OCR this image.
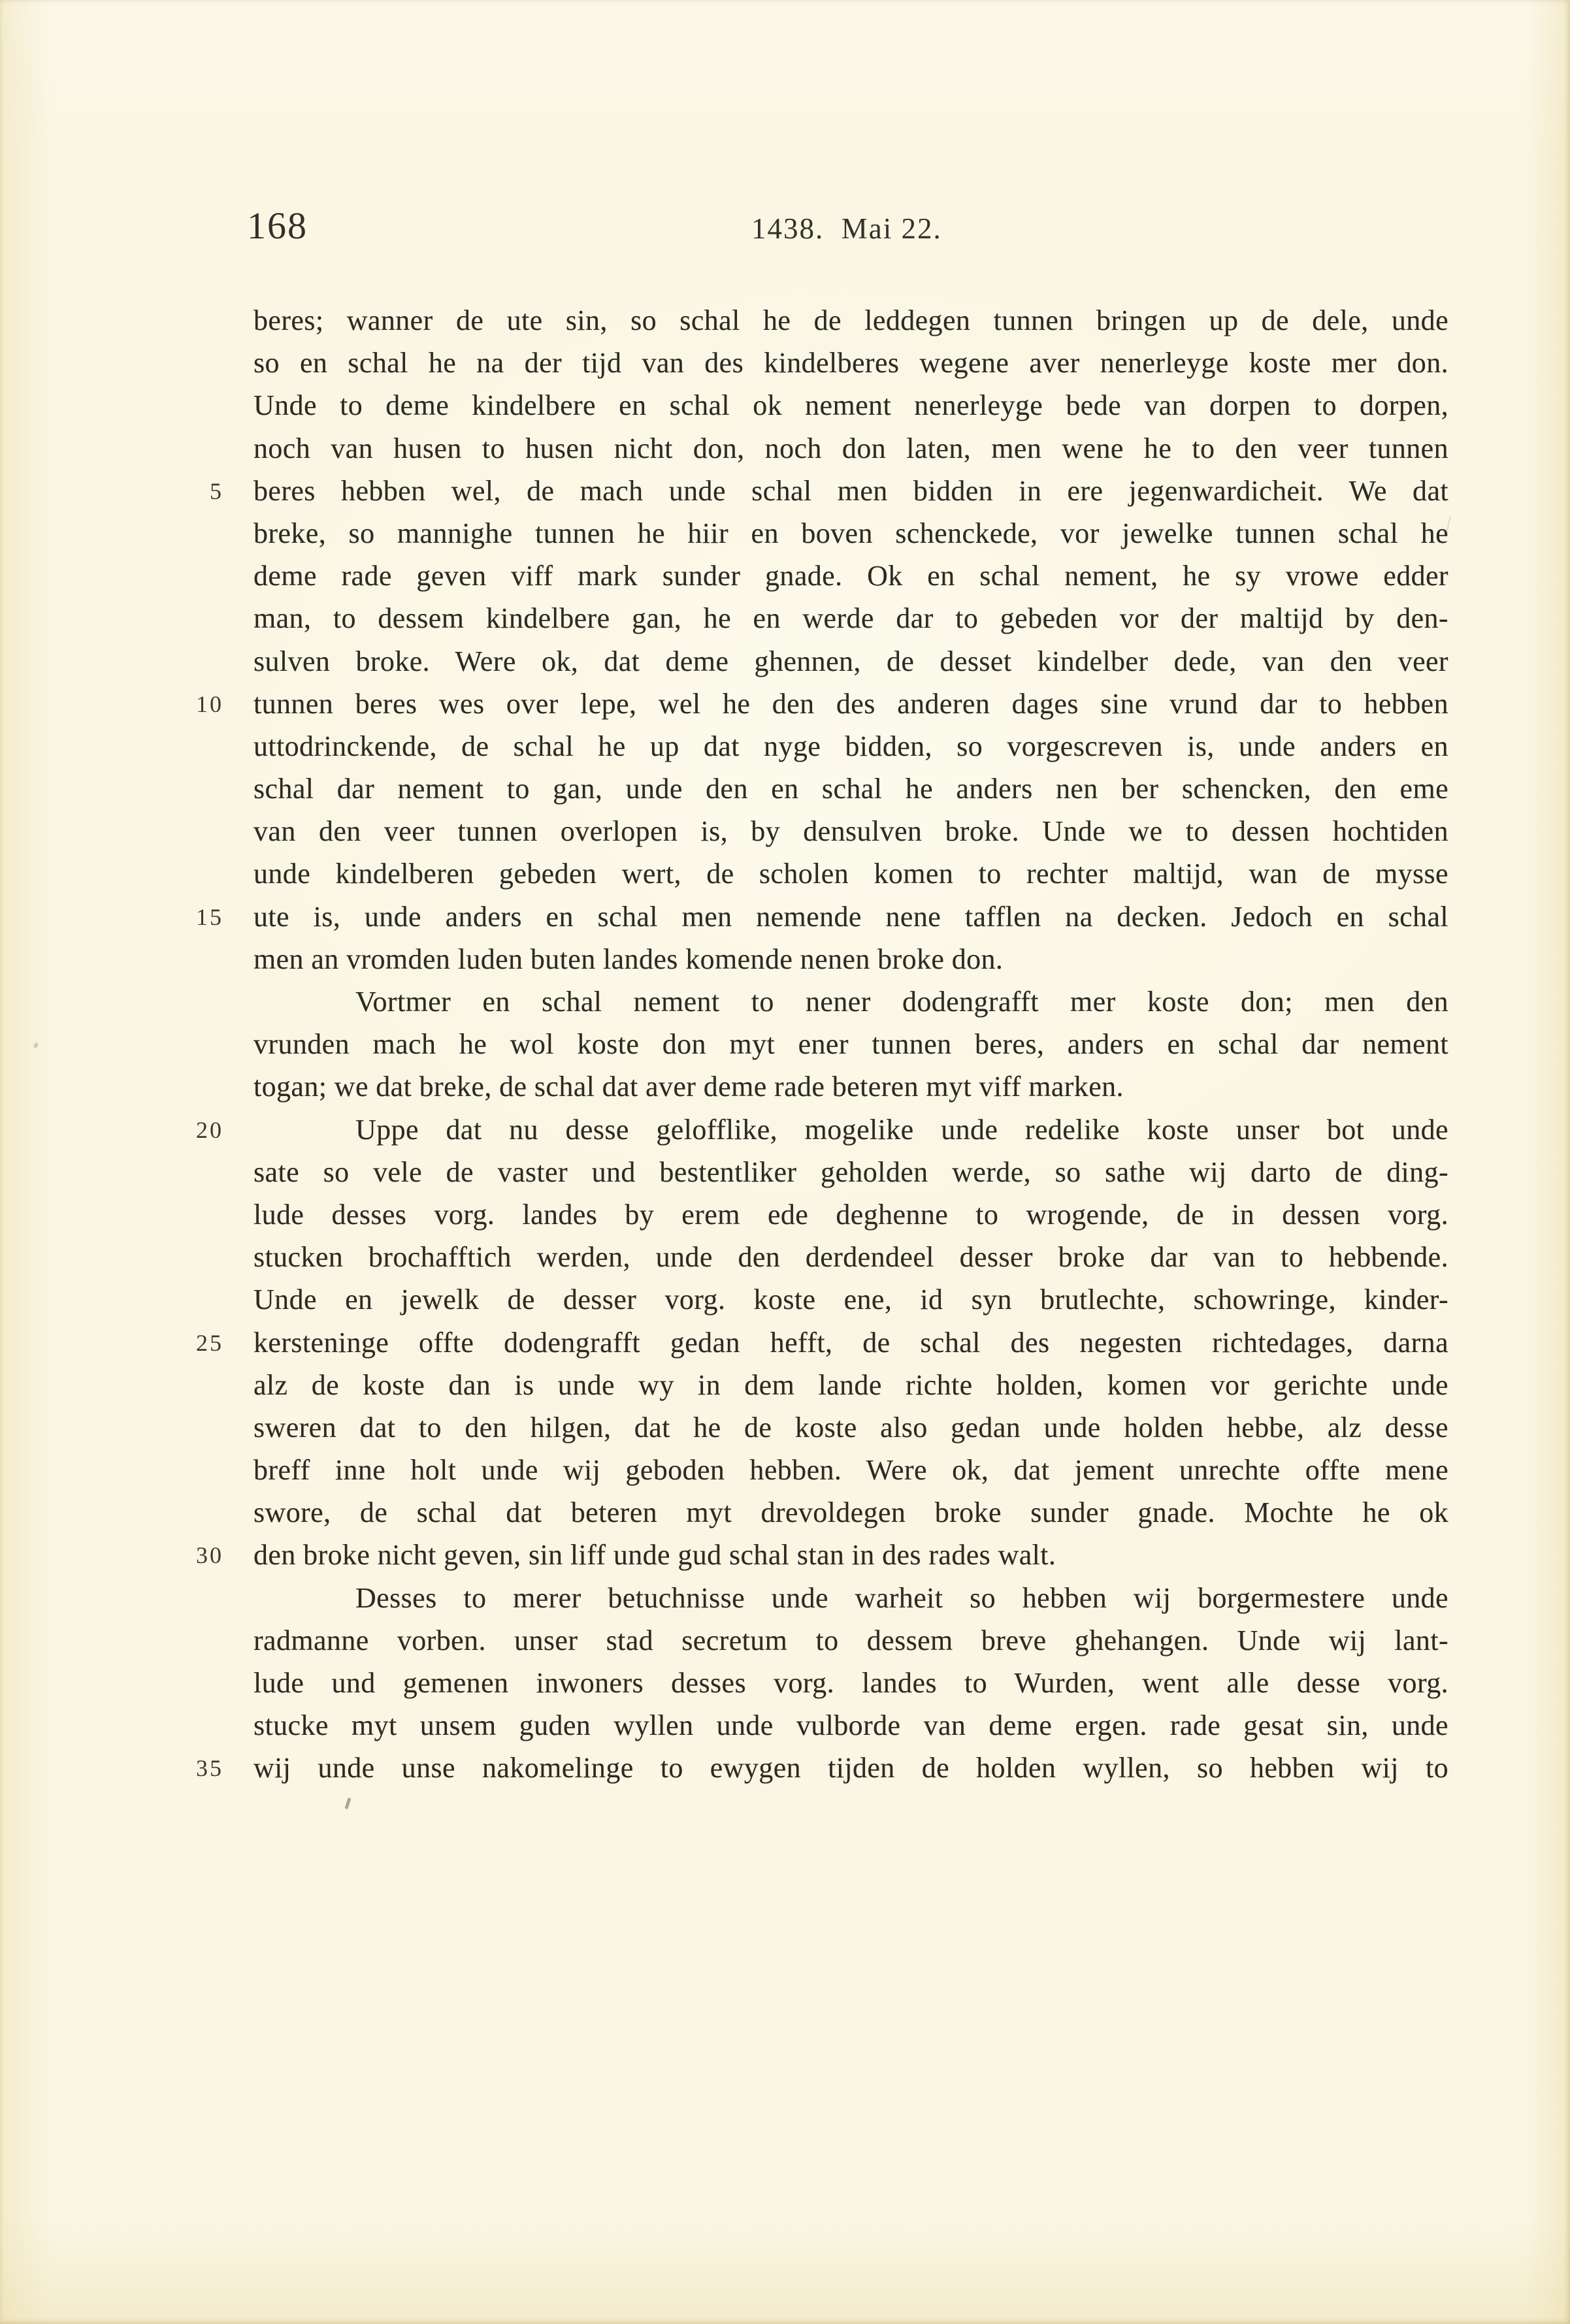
168	1438.  Mai 22.
beres; wanner de ute sin, so schal he de leddegen tunnen bringen up de dele, unde
so en schal he na der tijd van des kindelberes wegene aver nenerleyge koste mer don.
Unde to deme kindelbere en schal ok nement nenerleyge bede van dorpen to dorpen,
noch van husen to husen nicht don, noch don laten, men wene he to den veer tunnen
5 beres hebben wel, de mach unde schal men bidden in ere jegenwardicheit. We dat
breke, so mannighe tunnen he hiir en boven schenckede, vor jewelke tunnen schal he
deme rade geven viff mark sunder gnade. Ok en schal nement, he sy vrowe edder
man, to dessem kindelbere gan, he en werde dar to gebeden vor der maltijd by den-
sulven broke. Were ok, dat deme ghennen, de desset kindelber dede, van den veer
10 tunnen beres wes over lepe, wel he den des anderen dages sine vrund dar to hebben
uttodrinckende, de schal he up dat nyge bidden, so vorgescreven is, unde anders en
schal dar nement to gan, unde den en schal he anders nen ber schencken, den eme
van den veer tunnen overlopen is, by densulven broke. Unde we to dessen hochtiden
unde kindelberen gebeden wert, de scholen komen to rechter maltijd, wan de mysse
15 ute is, unde anders en schal men nemende nene tafflen na decken. Jedoch en schal
men an vromden luden buten landes komende nenen broke don.
Vortmer en schal nement to nener dodengrafft mer koste don; men den
vrunden mach he wol koste don myt ener tunnen beres, anders en schal dar nement
togan; we dat breke, de schal dat aver deme rade beteren myt viff marken.
20	Uppe dat nu desse gelofflike, mogelike unde redelike koste unser bot unde
sate so vele de vaster und bestentliker geholden werde, so sathe wij darto de ding-
lude desses vorg. landes by erem ede deghenne to wrogende, de in dessen vorg.
stucken brochafftich werden, unde den derdendeel desser broke dar van to hebbende.
Unde en jewelk de desser vorg. koste ene, id syn brutlechte, schowringe, kinder-
25 kersteninge offte dodengrafft gedan hefft, de schal des negesten richtedages, darna
alz de koste dan is unde wy in dem lande richte holden, komen vor gerichte unde
sweren dat to den hilgen, dat he de koste also gedan unde holden hebbe, alz desse
breff inne holt unde wij geboden hebben. Were ok, dat jement unrechte offte mene
swore, de schal dat beteren myt drevoldegen broke sunder gnade. Mochte he ok
30 den broke nicht geven, sin liff unde gud schal stan in des rades walt.
Desses to merer betuchnisse unde warheit so hebben wij borgermestere unde
radmanne vorben. unser stad secretum to dessem breve ghehangen. Unde wij lant-
lude und gemenen inwoners desses vorg. landes to Wurden, went alle desse vorg.
stucke myt unsem guden wyllen unde vulborde van deme ergen. rade gesat sin, unde
35 wij unde unse nakomelinge to ewygen tijden de holden wyllen, so hebben wij to
